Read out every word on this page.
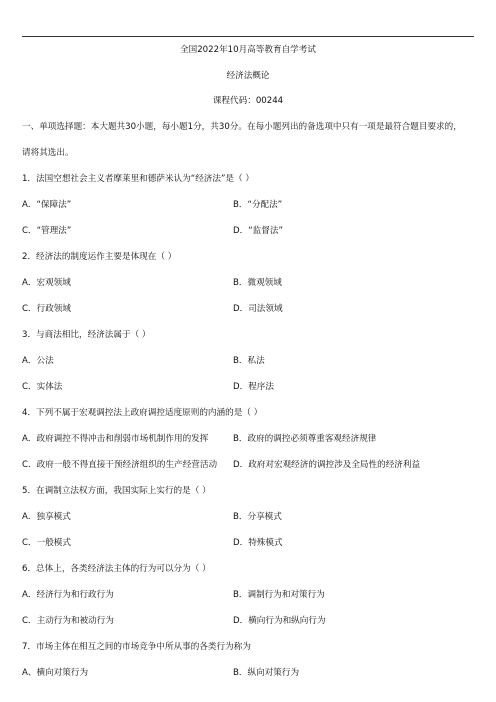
全国2022年10月高等教育自学考试
经济法概论
课程代码：00244
一、单项选择题：本大题共30小题，每小题1分，共30分。在每小题列出的备选项中只有一项是最符合题目要求的，
请将其选出。
1．法国空想社会主义者摩莱里和德萨米认为“经济法”是（ ）
A．“保障法”	B．“分配法”
C．“管理法”	D．“监督法”
2．经济法的制度运作主要是体现在（ ）
A．宏观领域	B．微观领域
C．行政领域	D．司法领域
3．与商法相比，经济法属于（ ）
A．公法	B．私法
C．实体法	D．程序法
4．下列不属于宏观调控法上政府调控适度原则的内涵的是（ ）
A．政府调控不得冲击和削弱市场机制作用的发挥	B．政府的调控必须尊重客观经济规律
C．政府一般不得直接干预经济组织的生产经营活动 D．政府对宏观经济的调控涉及全局性的经济利益
5．在调制立法权方面，我国实际上实行的是（ ）
A．独享模式	B．分享模式
C．一般模式	D．特殊模式
6．总体上，各类经济法主体的行为可以分为（ ）
A．经济行为和行政行为	B．调制行为和对策行为
C．主动行为和被动行为	D．横向行为和纵向行为
7．市场主体在相互之间的市场竞争中所从事的各类行为称为
A、横向对策行为	B．纵向对策行为
